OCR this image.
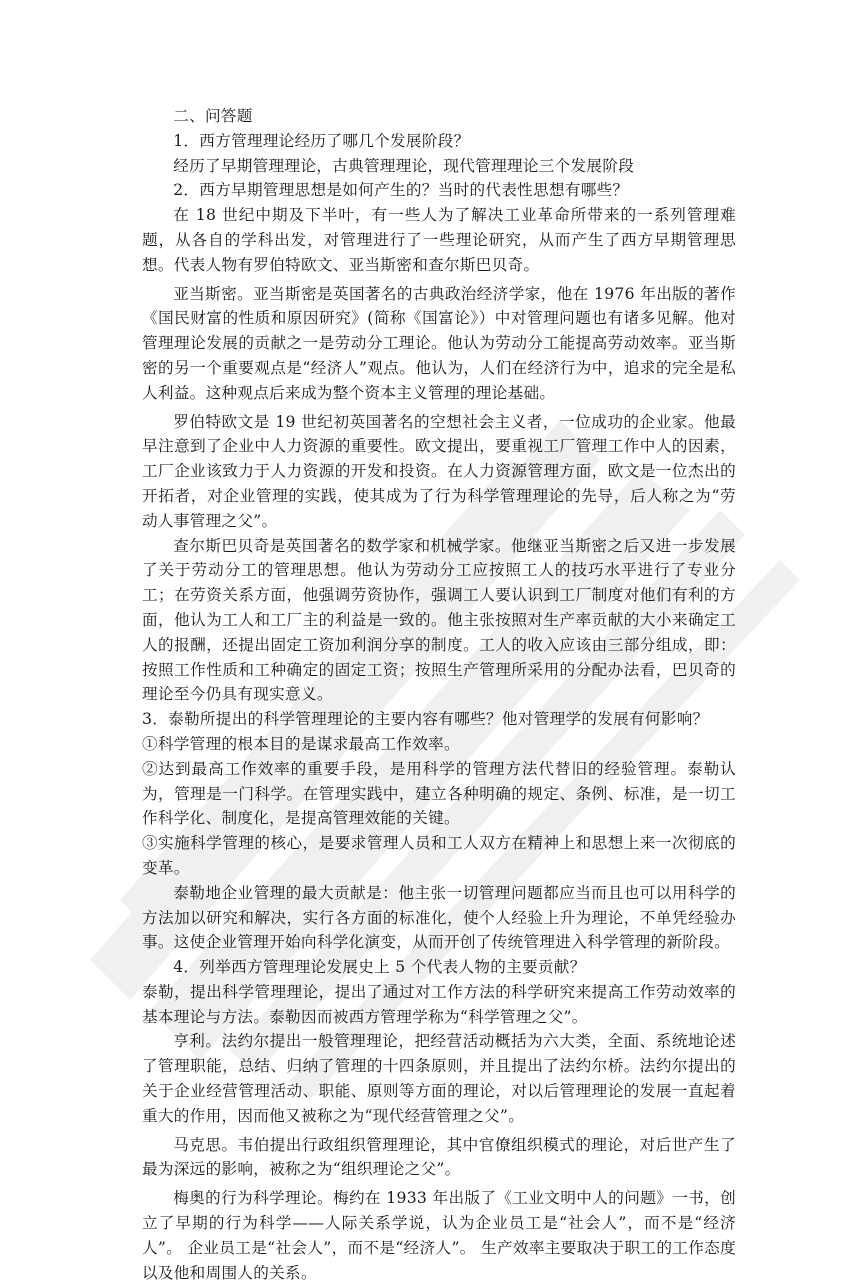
二、问答题

1．西方管理理论经历了哪几个发展阶段？

经历了早期管理理论，古典管理理论，现代管理理论三个发展阶段

2．西方早期管理思想是如何产生的？当时的代表性思想有哪些？

在 18 世纪中期及下半叶，有一些人为了解决工业革命所带来的一系列管理难题，从各自的学科出发，对管理进行了一些理论研究，从而产生了西方早期管理思想。代表人物有罗伯特欧文、亚当斯密和查尔斯巴贝奇。

亚当斯密。亚当斯密是英国著名的古典政治经济学家，他在 1976 年出版的著作《国民财富的性质和原因研究》(简称《国富论》）中对管理问题也有诸多见解。他对管理理论发展的贡献之一是劳动分工理论。他认为劳动分工能提高劳动效率。亚当斯密的另一个重要观点是“经济人”观点。他认为，人们在经济行为中，追求的完全是私人利益。这种观点后来成为整个资本主义管理的理论基础。

罗伯特欧文是 19 世纪初英国著名的空想社会主义者，一位成功的企业家。他最早注意到了企业中人力资源的重要性。欧文提出，要重视工厂管理工作中人的因素，工厂企业该致力于人力资源的开发和投资。在人力资源管理方面，欧文是一位杰出的开拓者，对企业管理的实践，使其成为了行为科学管理理论的先导，后人称之为“劳动人事管理之父”。

查尔斯巴贝奇是英国著名的数学家和机械学家。他继亚当斯密之后又进一步发展了关于劳动分工的管理思想。他认为劳动分工应按照工人的技巧水平进行了专业分工；在劳资关系方面，他强调劳资协作，强调工人要认识到工厂制度对他们有利的方面，他认为工人和工厂主的利益是一致的。他主张按照对生产率贡献的大小来确定工人的报酬，还提出固定工资加利润分享的制度。工人的收入应该由三部分组成，即：按照工作性质和工种确定的固定工资；按照生产管理所采用的分配办法看，巴贝奇的理论至今仍具有现实意义。

3．泰勒所提出的科学管理理论的主要内容有哪些？他对管理学的发展有何影响？

①科学管理的根本目的是谋求最高工作效率。

②达到最高工作效率的重要手段，是用科学的管理方法代替旧的经验管理。泰勒认为，管理是一门科学。在管理实践中，建立各种明确的规定、条例、标准，是一切工作科学化、制度化，是提高管理效能的关键。

③实施科学管理的核心，是要求管理人员和工人双方在精神上和思想上来一次彻底的变革。

泰勒地企业管理的最大贡献是：他主张一切管理问题都应当而且也可以用科学的方法加以研究和解决，实行各方面的标准化，使个人经验上升为理论，不单凭经验办事。这使企业管理开始向科学化演变，从而开创了传统管理进入科学管理的新阶段。

4．列举西方管理理论发展史上 5 个代表人物的主要贡献？

泰勒，提出科学管理理论，提出了通过对工作方法的科学研究来提高工作劳动效率的基本理论与方法。泰勒因而被西方管理学称为“科学管理之父”。

亨利。法约尔提出一般管理理论，把经营活动概括为六大类，全面、系统地论述了管理职能，总结、归纳了管理的十四条原则，并且提出了法约尔桥。法约尔提出的关于企业经营管理活动、职能、原则等方面的理论，对以后管理理论的发展一直起着重大的作用，因而他又被称之为“现代经营管理之父”。

马克思。韦伯提出行政组织管理理论，其中官僚组织模式的理论，对后世产生了最为深远的影响，被称之为“组织理论之父”。

梅奥的行为科学理论。梅约在 1933 年出版了《工业文明中人的问题》一书，创立了早期的行为科学——人际关系学说，认为企业员工是“社会人”，而不是“经济人”。 企业员工是“社会人”，而不是“经济人”。 生产效率主要取决于职工的工作态度以及他和周围人的关系。
